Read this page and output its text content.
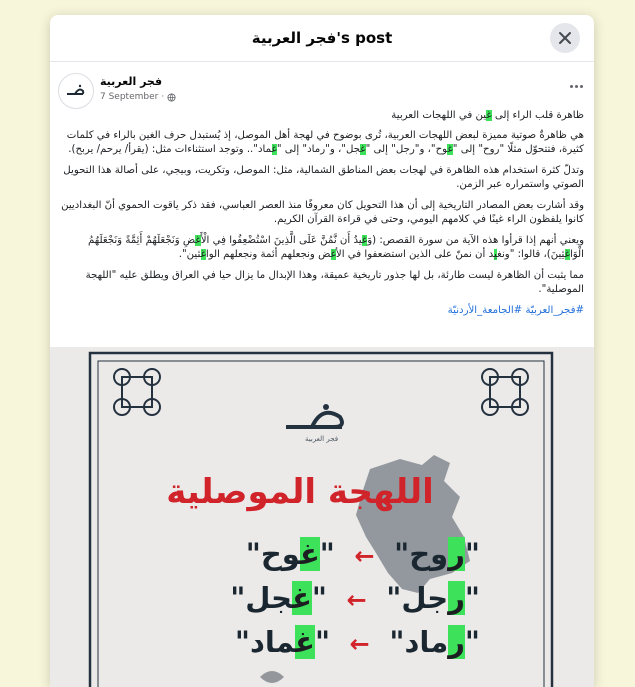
فجر العربية's post
فجر العربية
7 September ·

ظاهرة قلب الراء إلى غين في اللهجات العربية

هي ظاهرةٌ صوتية مميزة لبعض اللهجات العربية، تُرى بوضوح في لهجة أهل الموصل، إذ يُستبدل حرف الغين بالراء في كلمات كثيرة، فتتحوّل مثلًا "روح" إلى "غوح"، و"رجل" إلى "غجل"، و"رماد" إلى "غماد".. وتوجد استثناءات مثل: (يقرأ/ يرحم/ يربح).

وتدلّ كثرة استخدام هذه الظاهرة في لهجات بعض المناطق الشمالية، مثل: الموصل، وتكريت، وبيجي، على أصالة هذا التحويل الصوتي واستمراره عبر الزمن.

وقد أشارت بعض المصادر التاريخية إلى أن هذا التحويل كان معروفًا منذ العصر العباسي، فقد ذكر ياقوت الحموي أنّ البغداديين كانوا يلفظون الراء غينًا في كلامهم اليومي، وحتى في قراءة القرآن الكريم.

ويعني أنهم إذا قرأوا هذه الآية من سورة القصص: (وَغيدُ أَن نَّمُنَّ عَلَى الَّذِينَ اسْتُضْعِفُوا فِي الْأَغضِ وَنَجْعَلَهُمْ أَئِمَّةً وَنَجْعَلَهُمُ الْوَاغثِينَ)، قالوا: "ونغيد أن نمنّ على الذين استضعفوا في الأغض ونجعلهم أئمة ونجعلهم الواغثين".

مما يثبت أن الظاهرة ليست طارئة، بل لها جذور تاريخية عميقة، وهذا الإبدال ما يزال حيا في العراق ويطلق عليه "اللهجة الموصلية".

#فجر_العربيّة #الجامعة_الأردنيّة

فجر العربية
اللهجة الموصلية
"روح" ← "غوح"
"رجل" ← "غجل"
"رماد" ← "غماد"
